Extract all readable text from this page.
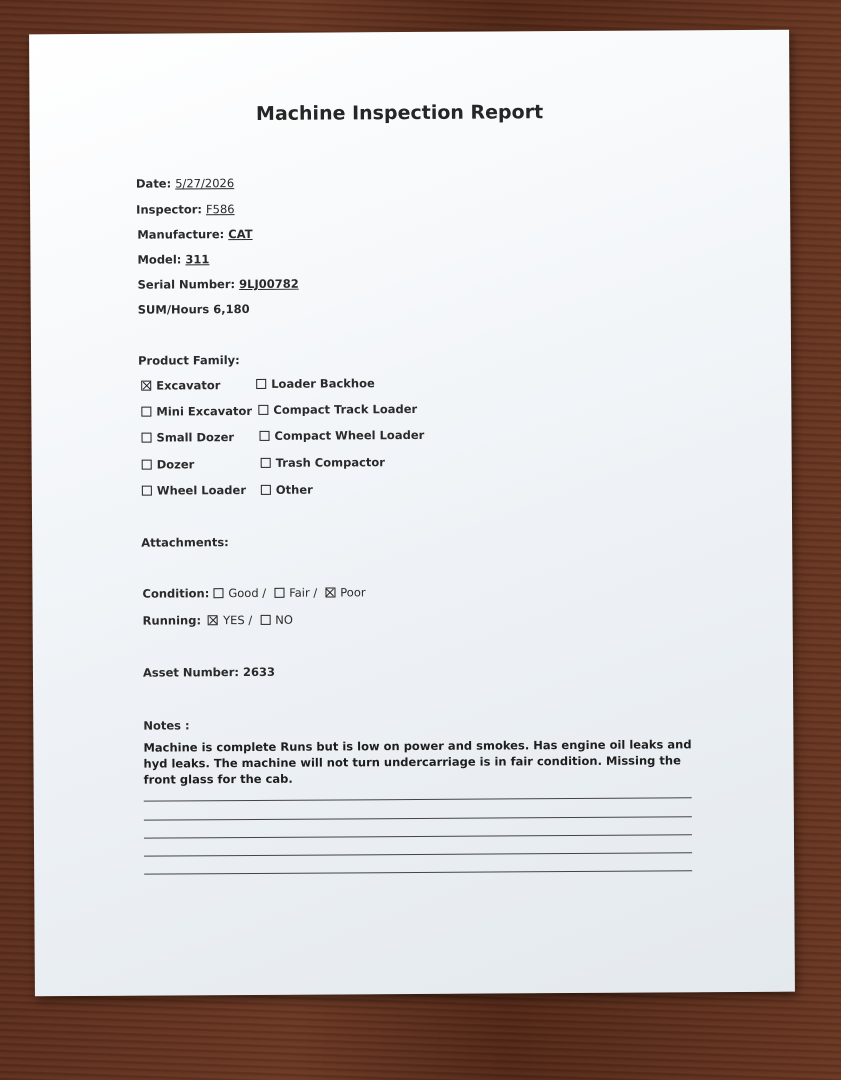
Machine Inspection Report
Date: 5/27/2026
Inspector: F586
Manufacture: CAT
Model: 311
Serial Number: 9LJ00782
SUM/Hours 6,180
Product Family:
Excavator
Mini Excavator
Small Dozer
Dozer
Wheel Loader
Loader Backhoe
Compact Track Loader
Compact Wheel Loader
Trash Compactor
Other
Attachments:
Condition: Good / Fair / Poor
Running: YES / NO
Asset Number: 2633
Notes :
Machine is complete Runs but is low on power and smokes. Has engine oil leaks and hyd leaks. The machine will not turn undercarriage is in fair condition. Missing the front glass for the cab.
